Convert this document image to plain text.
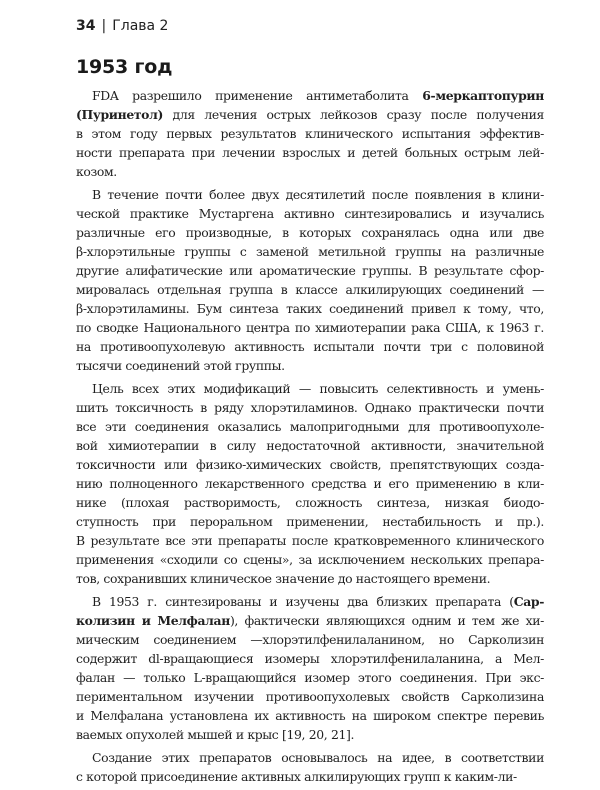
34 | Глава 2
1953 год

FDA разрешило применение антиметаболита 6-меркаптопурин
(Пуринетол) для лечения острых лейкозов сразу после получения
в этом году первых результатов клинического испытания эффектив-
ности препарата при лечении взрослых и детей больных острым лей-
козом.

В течение почти более двух десятилетий после появления в клини-
ческой практике Мустаргена активно синтезировались и изучались
различные его производные, в которых сохранялась одна или две
β-хлорэтильные группы с заменой метильной группы на различные
другие алифатические или ароматические группы. В результате сфор-
мировалась отдельная группа в классе алкилирующих соединений —
β-хлорэтиламины. Бум синтеза таких соединений привел к тому, что,
по сводке Национального центра по химиотерапии рака США, к 1963 г.
на противоопухолевую активность испытали почти три с половиной
тысячи соединений этой группы.

Цель всех этих модификаций — повысить селективность и умень-
шить токсичность в ряду хлорэтиламинов. Однако практически почти
все эти соединения оказались малопригодными для противоопухоле-
вой химиотерапии в силу недостаточной активности, значительной
токсичности или физико-химических свойств, препятствующих созда-
нию полноценного лекарственного средства и его применению в кли-
нике (плохая растворимость, сложность синтеза, низкая биодо-
ступность при пероральном применении, нестабильность и пр.).
В результате все эти препараты после кратковременного клинического
применения «сходили со сцены», за исключением нескольких препара-
тов, сохранивших клиническое значение до настоящего времени.

В 1953 г. синтезированы и изучены два близких препарата (Сар-
колизин и Мелфалан), фактически являющихся одним и тем же хи-
мическим соединением —хлорэтилфенилаланином, но Сарколизин
содержит dl-вращающиеся изомеры хлорэтилфенилаланина, а Мел-
фалан — только L-вращающийся изомер этого соединения. При экс-
периментальном изучении противоопухолевых свойств Сарколизина
и Мелфалана установлена их активность на широком спектре перевиь
ваемых опухолей мышей и крыс [19, 20, 21].

Создание этих препаратов основывалось на идее, в соответствии
с которой присоединение активных алкилирующих групп к каким-ли-
